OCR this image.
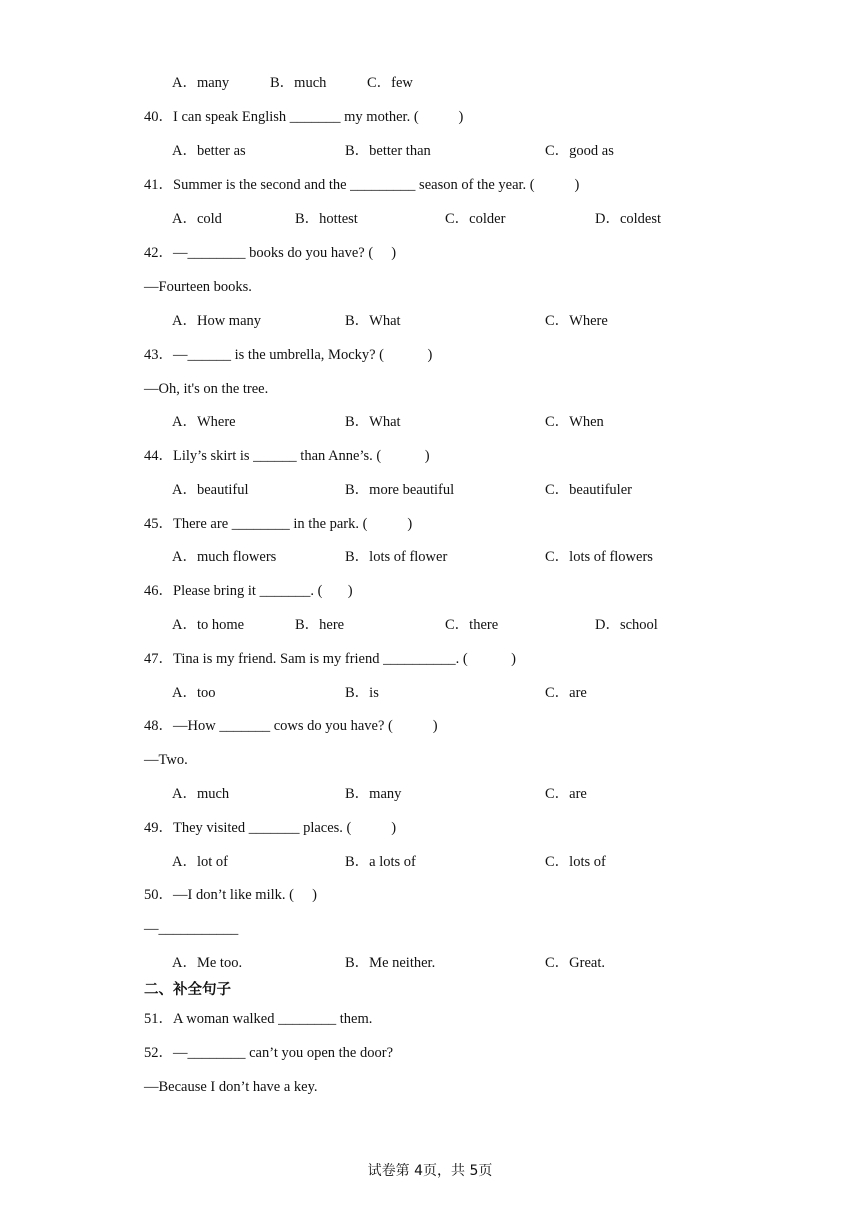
A．many	B．much	C．few
40．I can speak English _______ my mother. (           )
A．better as	B．better than	C．good as
41．Summer is the second and the _________ season of the year. (           )
A．cold	B．hottest	C．colder	D．coldest
42．—________ books do you have? (     )
—Fourteen books.
A．How many	B．What	C．Where
43．—______ is the umbrella, Mocky? (            )
—Oh, it's on the tree.
A．Where	B．What	C．When
44．Lily’s skirt is ______ than Anne’s. (            )
A．beautiful	B．more beautiful	C．beautifuler
45．There are ________ in the park. (           )
A．much flowers	B．lots of flower	C．lots of flowers
46．Please bring it _______. (       )
A．to home	B．here	C．there	D．school
47．Tina is my friend. Sam is my friend __________. (            )
A．too	B．is	C．are
48．—How _______ cows do you have? (           )
—Two.
A．much	B．many	C．are
49．They visited _______ places. (           )
A．lot of	B．a lots of	C．lots of
50．—I don’t like milk. (     )
—___________
A．Me too.	B．Me neither.	C．Great.
二、补全句子
51．A woman walked ________ them.
52．—________ can’t you open the door?
—Because I don’t have a key.
试卷第 4页，共 5页
